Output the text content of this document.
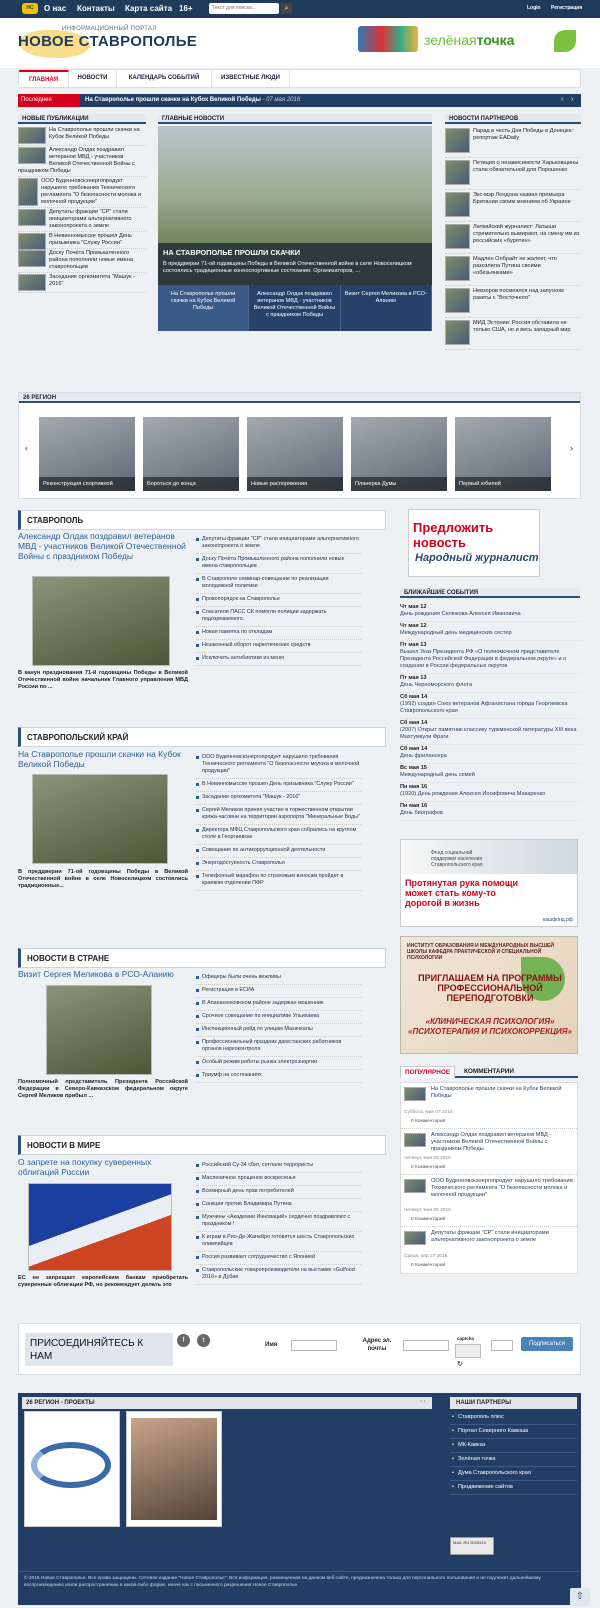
НС	О нас Контакты Карта сайта 16+	Текст для поиска...	⌕	Login Регистрация
ИНФОРМАЦИОННЫЙ ПОРТАЛ
НОВОЕ СТАВРОПОЛЬЕ	зелёнаяточка
ГЛАВНАЯ	НОВОСТИ	КАЛЕНДАРЬ СОБЫТИЙ	ИЗВЕСТНЫЕ ЛЮДИ
Последнее	На Ставрополье прошли скачки на Кубок Великой Победы - 07 мая 2016	‹ ›
НОВЫЕ ПУБЛИКАЦИИ
На Ставрополье прошли скачки на Кубок Великой Победы
Александр Олдак поздравил ветеранов МВД - участников Великой Отечественной Войны с праздником Победы
ООО Буденновскэнергопродукт нарушило требования Технического регламента "О безопасности молока и молочной продукции"
Депутаты фракции "СР" стали инициаторами альтернативного законопроекта о земле
В Невинномысске прошел День призывника "Служу России"
Доску Почёта Промышленного района пополнили новые имена ставропольцев
Заседание оргкомитета "Машук - 2016"
ГЛАВНЫЕ НОВОСТИ
НА СТАВРОПОЛЬЕ ПРОШЛИ СКАЧКИ
В преддверии 71-ой годовщины Победы в Великой Отечественной войне в селе Новоселицком состоялись традиционные конноспортивные состязания. Организаторов, ...
На Ставрополье прошли скачки на Кубок Великой Победы
Александр Олдак поздравил ветеранов МВД - участников Великой Отечественной Войны с праздником Победы
Визит Сергея Меликова в РСО-Аланию
НОВОСТИ ПАРТНЕРОВ
Парад в честь Дня Победы в Донецке: репортаж EADaily
Петиция о независимости Харьковщины стала обязательной для Порошенко
Экс-мэр Лондона назвал премьера Британии своим мнением об Украине
Латвийский журналист: Латыши стремительно вымирают, на смену им из российских «бурятин»
Мадлен Олбрайт не жалеет, что разозлила Путина своими «обезьянками»
Невзоров посмеялся над запуском ракеты с "Восточного"
МИД Эстонии: Россия обставила не только США, но и весь западный мир
26 РЕГИОН
‹
Реконструкция спортивной	Бороться до конца	Новые распоряжения	Планерка Думы	Первый юбилей
›
СТАВРОПОЛЬ
Александр Олдак поздравил ветеранов МВД - участников Великой Отечественной Войны с праздником Победы
В канун празднования 71-й годовщины Победы в Великой Отечественной войне начальник Главного управления МВД России по ...
Депутаты фракции "СР" стали инициаторами альтернативного законопроекта о земле
Доску Почёта Промышленного района пополнили новые имена ставропольцев
В Ставрополе семинар-совещание по реализации молодежной политики
Провопорядок на Ставрополье
Спасатели ПАСС СК помогли полиции задержать подозреваемого.
Новая памятка по откладам
Незаконный оборот наркотических средств
Исключить антибиотики из меню
СТАВРОПОЛЬСКИЙ КРАЙ
На Ставрополье прошли скачки на Кубок Великой Победы
В преддверии 71-ой годовщины Победы в Великой Отечественной войне в селе Новоселицком состоялись традиционные...
ООО Буденновскэнергопродукт нарушило требования Технического регламента "О безопасности молока и молочной продукции"
В Невинномысске прошел День призывника "Служу России"
Заседание оргкомитета "Машук - 2016"
Сергей Меликов принял участие в торжественном открытии кряжа-часовни на территории аэропорта "Минеральные Воды"
Директора МФЦ Ставропольского края собрались на круглом столе в Георгиевске
Совещание по антикоррупционной деятельности
Энергодоступность Ставрополья
Телефонный марафон по страховым взносам пройдет в краевом отделении ПФР
НОВОСТИ В СТРАНЕ
Визит Сергея Меликова в РСО-Аланию
Полномочный представитель Президента Российской Федерации в Северо-Кавказском федеральном округе Сергей Меликов прибыл ...
Офицеры были очень вежливы
Регистрация в ЕСИА
В Апанасенковском районе задержан мошенник
Срочное совещание по инициативе Ульихаева
Инспекционный рейд по улицам Махачкалы
Профессиональный праздник дагестанских работников органов наркоконтроля
Особый режим работы рынка электроэнергии
Триумф на состязаниях
НОВОСТИ В МИРЕ
О запрете на покупку суверенных облигаций России
ЕС не запрещает европейским банкам приобретать суверенные облигации РФ, но рекомендует делать это
Российский Су-34 сбит, сотлали террористы
Масленичное прощеное воскресенье
Всемирный день прав потребителей
Санкции против Владимира Путина
Мужчины «Академии Инноваций» сердечно поздравляют с праздником !
К играм в Рио-Де-Жанейро готовятся шесть Ставропольских олимпийцев
Россия развивает сотрудничество с Японией
Ставропольские товаропроизводители на выставке «Gulfood 2016» в Дубае
Предложить новость
Народный журналист
БЛИЖАЙШИЕ СОБЫТИЯ
Чт мая 12
День рождения Селюкова Алексея Ивановича
Чт мая 12
Международный день медицинских сестер
Пт мая 13
Вышел Указ Президента РФ «О полномочном представителе Президента Российской Федерации в федеральном округе» и о создании в России федеральных округов
Пт мая 13
День Черноморского флота
Сб мая 14
(1992) создан Союз ветеранов Афганистана города Георгиевска Ставропольского края
Сб мая 14
(2007) Открыт памятник классику туркменской литературы XIII века Махтумкули Фраги
Сб мая 14
День фрилансера
Вс мая 15
Международный день семей
Пн мая 16
(1920) День рождения Алексея Иосифовича Макаренко
Пн мая 16
День биографов
Фонд социальной поддержки населения Ставропольского края
Протянутая рука помощи может стать кому-то дорогой в жизнь
нашфонд.рф
ИНСТИТУТ ОБРАЗОВАНИЯ И МЕЖДУНАРОДНЫХ ВЫСШЕЙ ШКОЛЫ КАФЕДРА ПРАКТИЧЕСКОЙ И СПЕЦИАЛЬНОЙ ПСИХОЛОГИИ
ПРИГЛАШАЕМ НА ПРОГРАММЫ ПРОФЕССИОНАЛЬНОЙ ПЕРЕПОДГОТОВКИ
«КЛИНИЧЕСКАЯ ПСИХОЛОГИЯ» «ПСИХОТЕРАПИЯ И ПСИХОКОРРЕКЦИЯ»
ПОПУЛЯРНОЕ	КОММЕНТАРИИ
На Ставрополье прошли скачки на Кубок Великой Победы
Суббота, мая 07 2016
0 Комментарий
Александр Олдак поздравил ветеранов МВД - участников Великой Отечественной Войны с праздником Победы
Четверг, мая 05 2016
0 Комментарий
ООО Буденновскэнергопродукт нарушило требования Технического регламента "О безопасности молока и молочной продукции"
Четверг, мая 05 2016
0 Комментарий
Депутаты фракции "СР" стали инициаторами альтернативного законопроекта о земле
Среда, апр 27 2016
0 Комментарий
ПРИСОЕДИНЯЙТЕСЬ К НАМ
f	t
Имя
Адрес эл. почты
captcha
↻
Подписаться
26 РЕГИОН - ПРОЕКТЫ	‹ ›	НАШИ ПАРТНЕРЫ
• Ставрополь плюс
• Портал Северного Кавказа
• МК-Кавказ
• Зелёная точка
• Дума Ставропольского края
• Продвижение сайтов
MAIL.RU 5003919
© 2015 Новое Ставрополье. Все права защищены. Сетевое издание "Новое Ставрополье". Вся информация, размещенная на данном веб-сайте, предназначена только для персонального пользования и не подлежит дальнейшему воспроизведению и/или распространению в какой-либо форме, иначе как с письменного разрешения Новое Ставрополье.
⇧
